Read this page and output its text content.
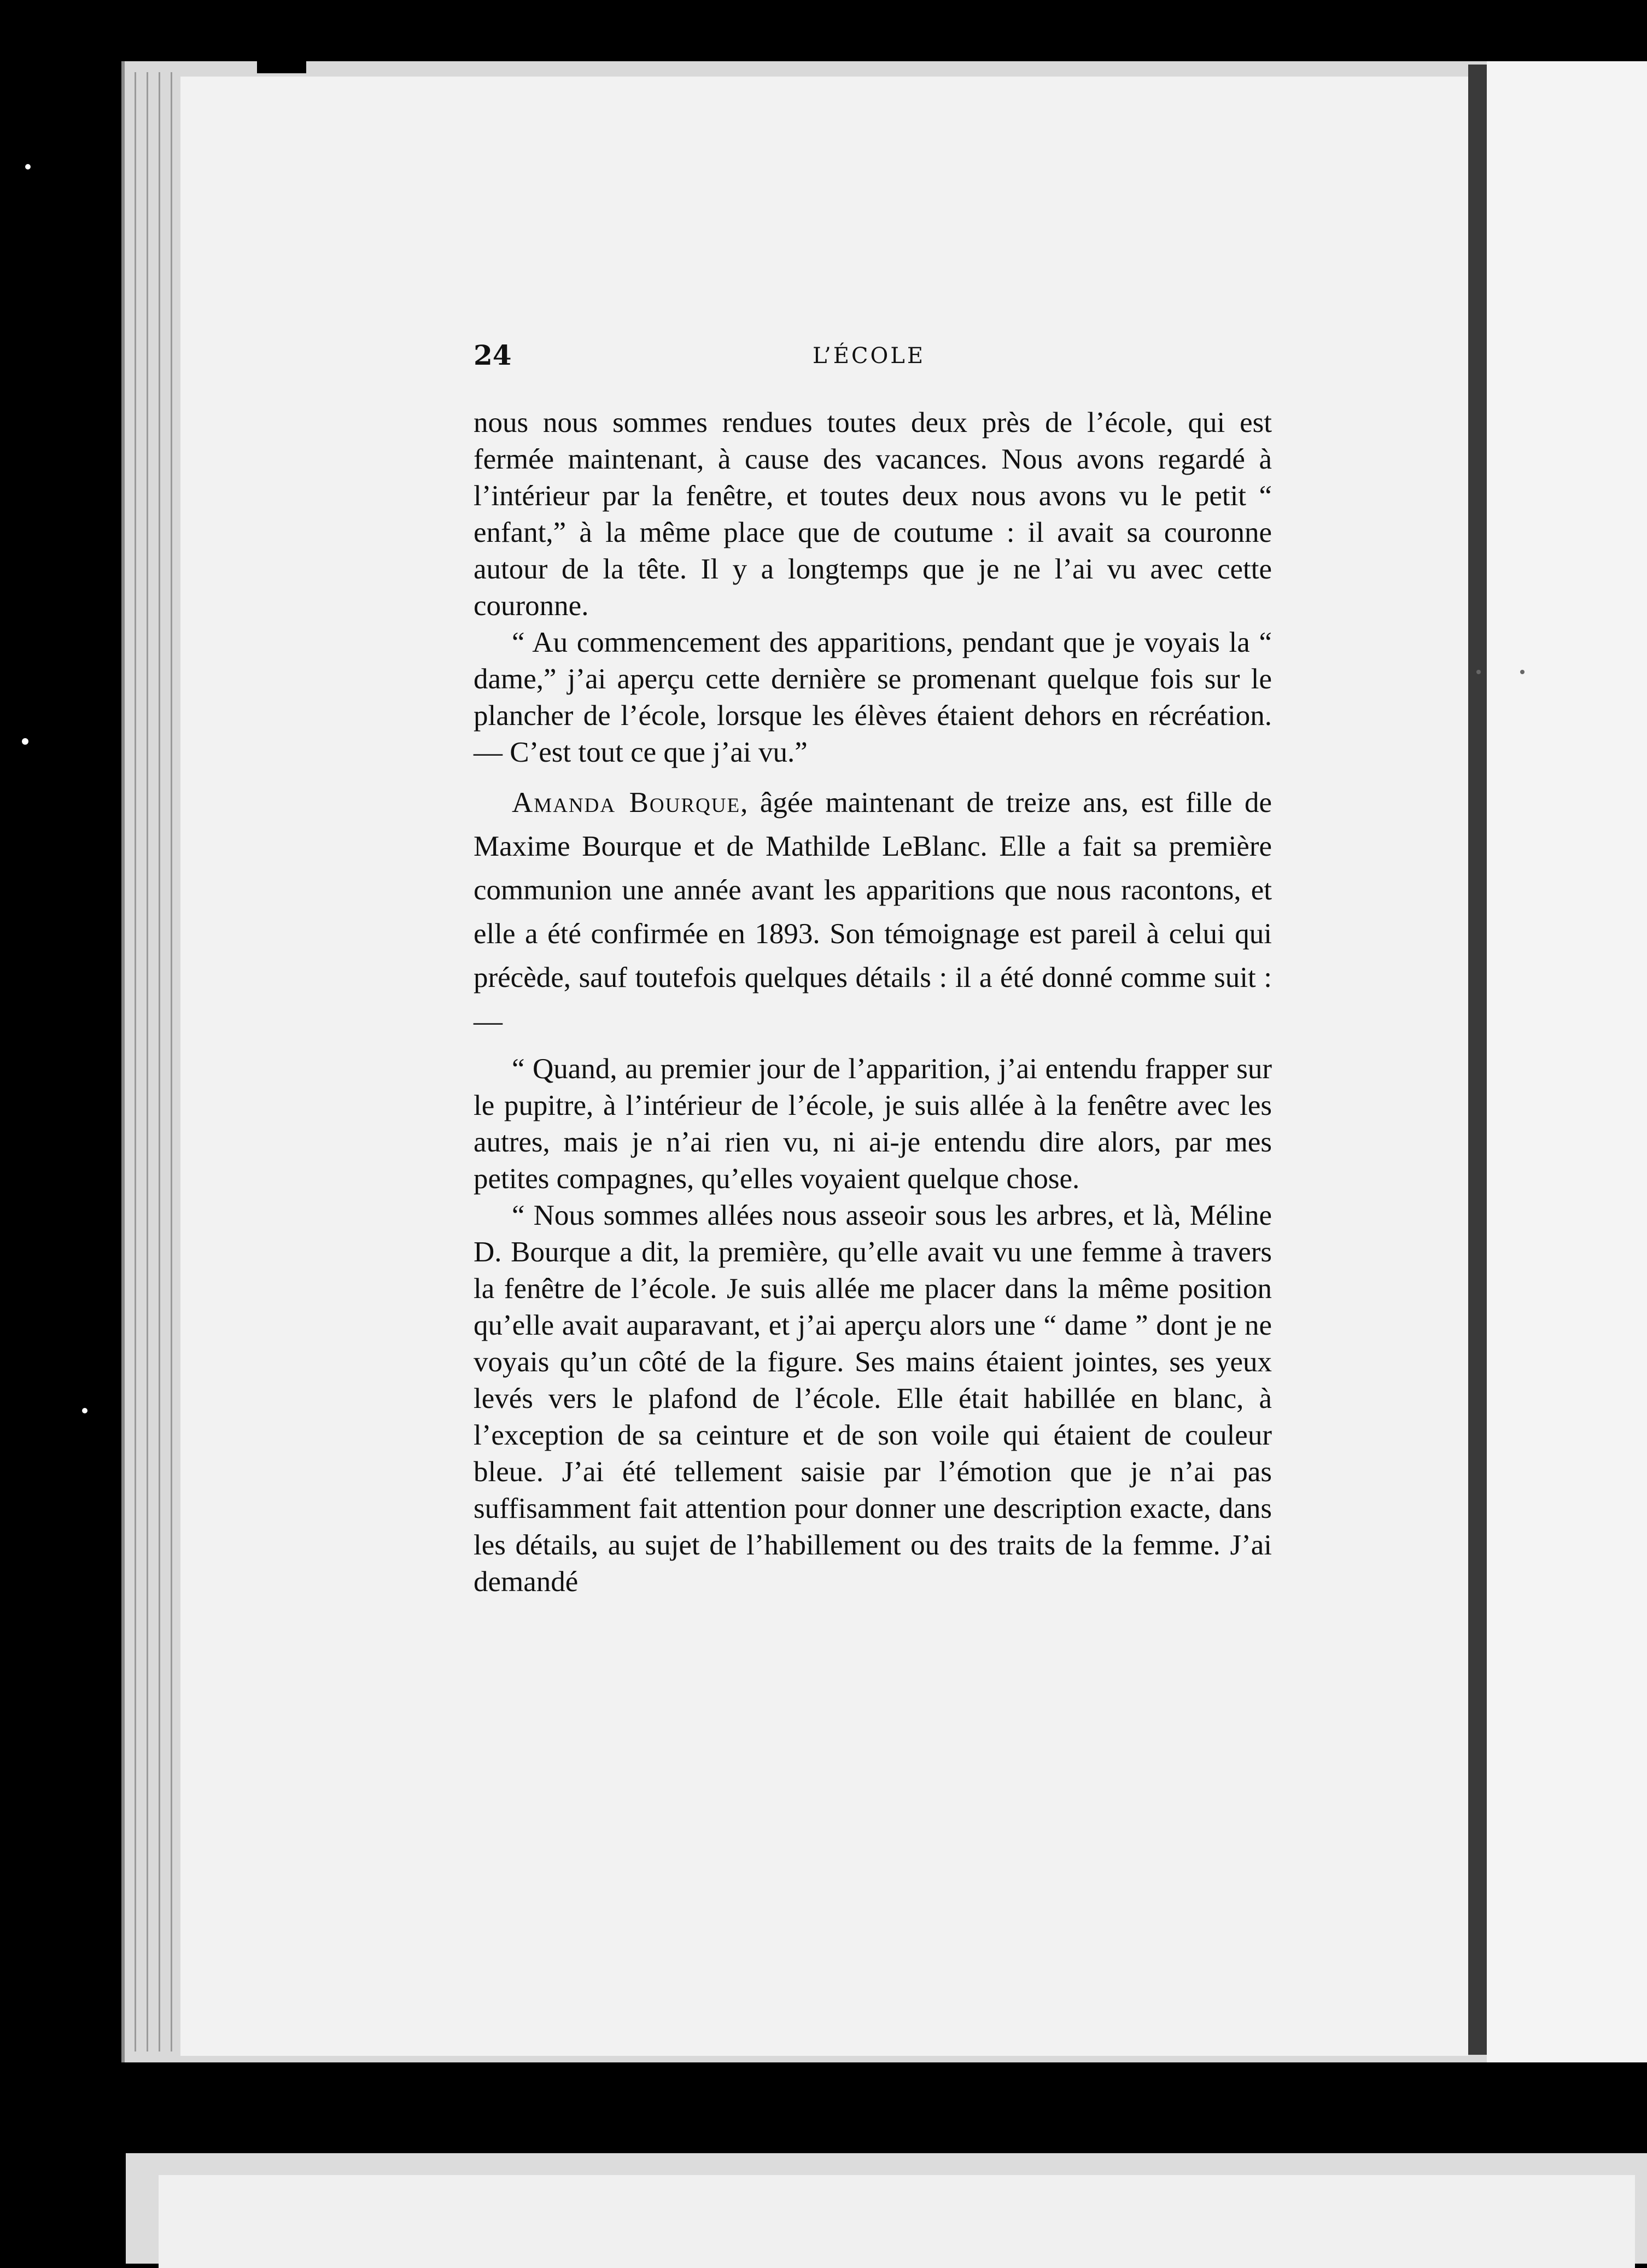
24	L’ÉCOLE

nous nous sommes rendues toutes deux près de l’école, qui est fermée maintenant, à cause des vacances. Nous avons regardé à l’intérieur par la fenêtre, et toutes deux nous avons vu le petit “ enfant,” à la même place que de coutume : il avait sa couronne autour de la tête. Il y a longtemps que je ne l’ai vu avec cette couronne.

“ Au commencement des apparitions, pendant que je voyais la “ dame,” j’ai aperçu cette dernière se promenant quelque fois sur le plancher de l’école, lorsque les élèves étaient dehors en récréation.— C’est tout ce que j’ai vu.”

Amanda Bourque, âgée maintenant de treize ans, est fille de Maxime Bourque et de Mathilde LeBlanc. Elle a fait sa première communion une année avant les apparitions que nous racontons, et elle a été confirmée en 1893. Son témoignage est pareil à celui qui précède, sauf toutefois quelques détails : il a été donné comme suit :—

“ Quand, au premier jour de l’apparition, j’ai entendu frapper sur le pupitre, à l’intérieur de l’école, je suis allée à la fenêtre avec les autres, mais je n’ai rien vu, ni ai-je entendu dire alors, par mes petites compagnes, qu’elles voyaient quelque chose.

“ Nous sommes allées nous asseoir sous les arbres, et là, Méline D. Bourque a dit, la première, qu’elle avait vu une femme à travers la fenêtre de l’école. Je suis allée me placer dans la même position qu’elle avait auparavant, et j’ai aperçu alors une “ dame ” dont je ne voyais qu’un côté de la figure. Ses mains étaient jointes, ses yeux levés vers le plafond de l’école. Elle était habillée en blanc, à l’exception de sa ceinture et de son voile qui étaient de couleur bleue. J’ai été tellement saisie par l’émotion que je n’ai pas suffisamment fait attention pour donner une description exacte, dans les détails, au sujet de l’habillement ou des traits de la femme. J’ai demandé
